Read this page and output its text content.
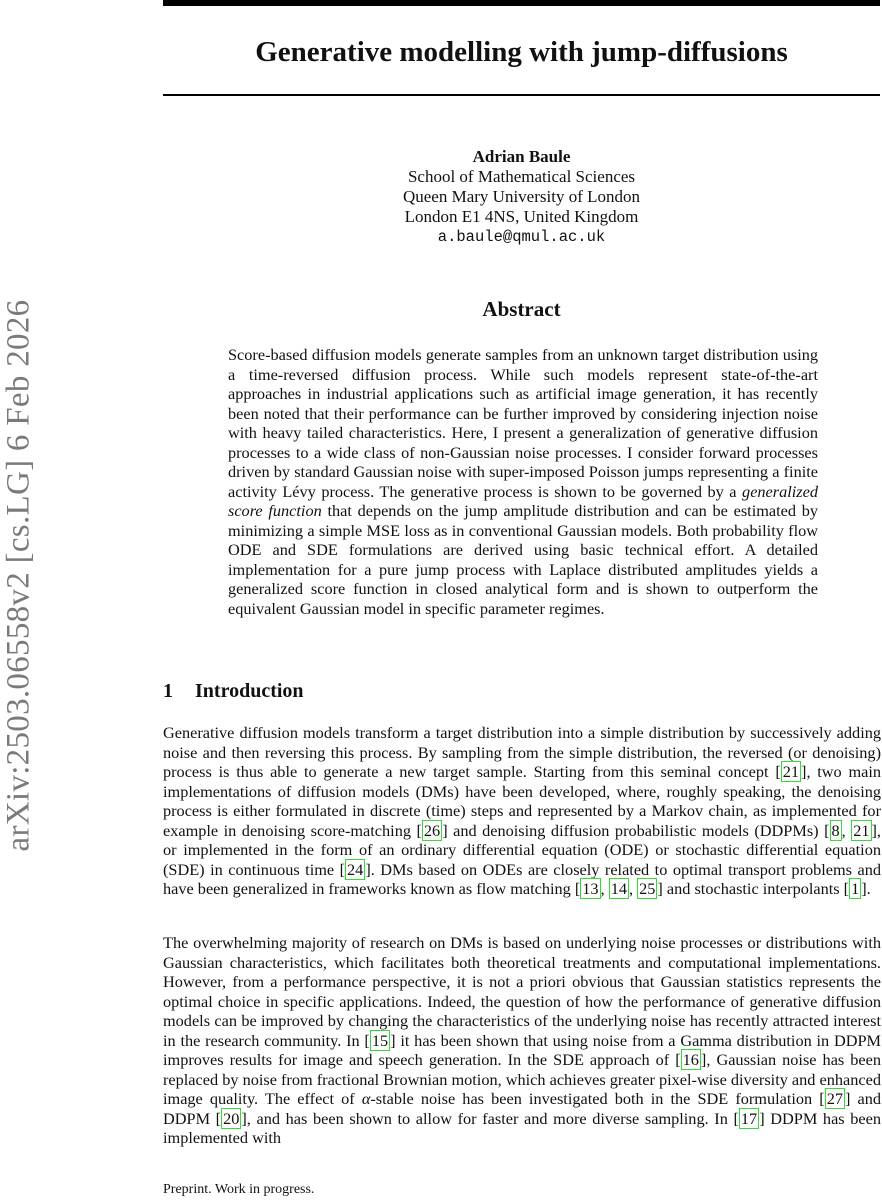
arXiv:2503.06558v2 [cs.LG] 6 Feb 2026
Generative modelling with jump-diffusions
Adrian Baule
School of Mathematical Sciences
Queen Mary University of London
London E1 4NS, United Kingdom
a.baule@qmul.ac.uk
Abstract

Score-based diffusion models generate samples from an unknown target distribution using a time-reversed diffusion process. While such models represent state-of-the-art approaches in industrial applications such as artificial image generation, it has recently been noted that their performance can be further improved by considering injection noise with heavy tailed characteristics. Here, I present a generalization of generative diffusion processes to a wide class of non-Gaussian noise processes. I consider forward processes driven by standard Gaussian noise with super-imposed Poisson jumps representing a finite activity Lévy process. The generative process is shown to be governed by a generalized score function that depends on the jump amplitude distribution and can be estimated by minimizing a simple MSE loss as in conventional Gaussian models. Both probability flow ODE and SDE formulations are derived using basic technical effort. A detailed implementation for a pure jump process with Laplace distributed amplitudes yields a generalized score function in closed analytical form and is shown to outperform the equivalent Gaussian model in specific parameter regimes.

1 Introduction

Generative diffusion models transform a target distribution into a simple distribution by successively adding noise and then reversing this process. By sampling from the simple distribution, the reversed (or denoising) process is thus able to generate a new target sample. Starting from this seminal concept [ 21 ], two main implementations of diffusion models (DMs) have been developed, where, roughly speaking, the denoising process is either formulated in discrete (time) steps and represented by a Markov chain, as implemented for example in denoising score-matching [ 26 ] and denoising diffusion probabilistic models (DDPMs) [ 8 , 21 ], or implemented in the form of an ordinary differential equation (ODE) or stochastic differential equation (SDE) in continuous time [ 24 ]. DMs based on ODEs are closely related to optimal transport problems and have been generalized in frameworks known as flow matching [ 13 , 14 , 25 ] and stochastic interpolants [ 1 ].

The overwhelming majority of research on DMs is based on underlying noise processes or distributions with Gaussian characteristics, which facilitates both theoretical treatments and computational implementations. However, from a performance perspective, it is not a priori obvious that Gaussian statistics represents the optimal choice in specific applications. Indeed, the question of how the performance of generative diffusion models can be improved by changing the characteristics of the underlying noise has recently attracted interest in the research community. In [ 15 ] it has been shown that using noise from a Gamma distribution in DDPM improves results for image and speech generation. In the SDE approach of [ 16 ], Gaussian noise has been replaced by noise from fractional Brownian motion, which achieves greater pixel-wise diversity and enhanced image quality. The effect of α-stable noise has been investigated both in the SDE formulation [ 27 ] and DDPM [ 20 ], and has been shown to allow for faster and more diverse sampling. In [ 17 ] DDPM has been implemented with

Preprint. Work in progress.
